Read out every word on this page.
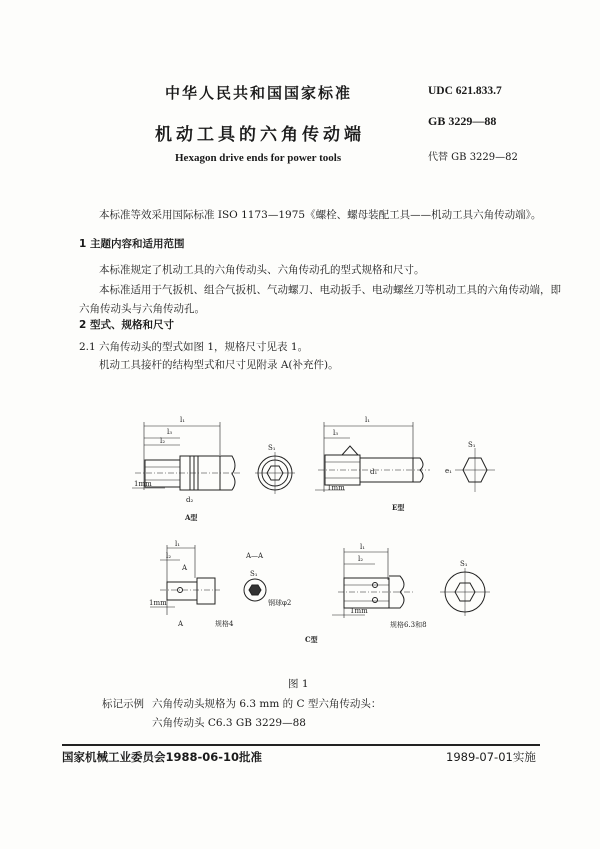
中华人民共和国国家标准	UDC 621.833.7
GB 3229—88
机动工具的六角传动端
代替 GB 3229—82
Hexagon drive ends for power tools
本标准等效采用国际标准 ISO 1173—1975《螺栓、螺母装配工具——机动工具六角传动端》。
1 主题内容和适用范围
本标准规定了机动工具的六角传动头、六角传动孔的型式规格和尺寸。
本标准适用于气扳机、组合气扳机、气动螺刀、电动扳手、电动螺丝刀等机动工具的六角传动端，即
六角传动头与六角传动孔。
2 型式、规格和尺寸
2.1 六角传动头的型式如图 1，规格尺寸见表 1。
机动工具接杆的结构型式和尺寸见附录 A(补充件)。
l₁
l₃
l₂
S₁
d₂
1mm
A型
l₁
l₃
S₁
e₁
d₁
1mm
E型
l₁
l₂
A
A—A
S₁
钢球φ2
1mm
A	规格4
l₁
l₂
S₁
1mm
规格6.3和8
C型
图 1
标记示例 六角传动头规格为 6.3 mm 的 C 型六角传动头：
六角传动头 C6.3 GB 3229—88
国家机械工业委员会1988-06-10批准	1989-07-01实施
